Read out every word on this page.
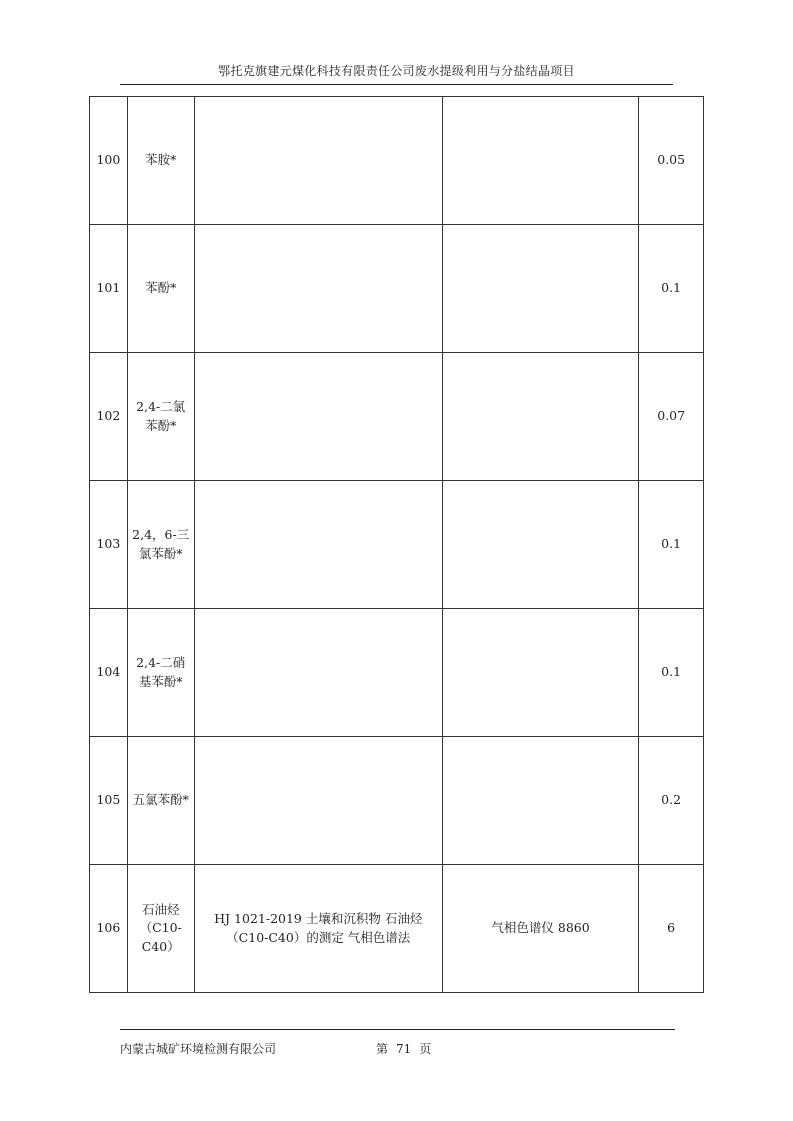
鄂托克旗建元煤化科技有限责任公司废水提级利用与分盐结晶项目
100	苯胺*			0.05
101	苯酚*			0.1
102	2,4-二氯苯酚*			0.07
103	2,4，6-三氯苯酚*			0.1
104	2,4-二硝基苯酚*			0.1
105	五氯苯酚*			0.2
106	石油烃（C10-C40）	HJ 1021-2019 土壤和沉积物 石油烃（C10-C40）的测定 气相色谱法	气相色谱仪 8860	6
内蒙古城矿环境检测有限公司	第 71 页
